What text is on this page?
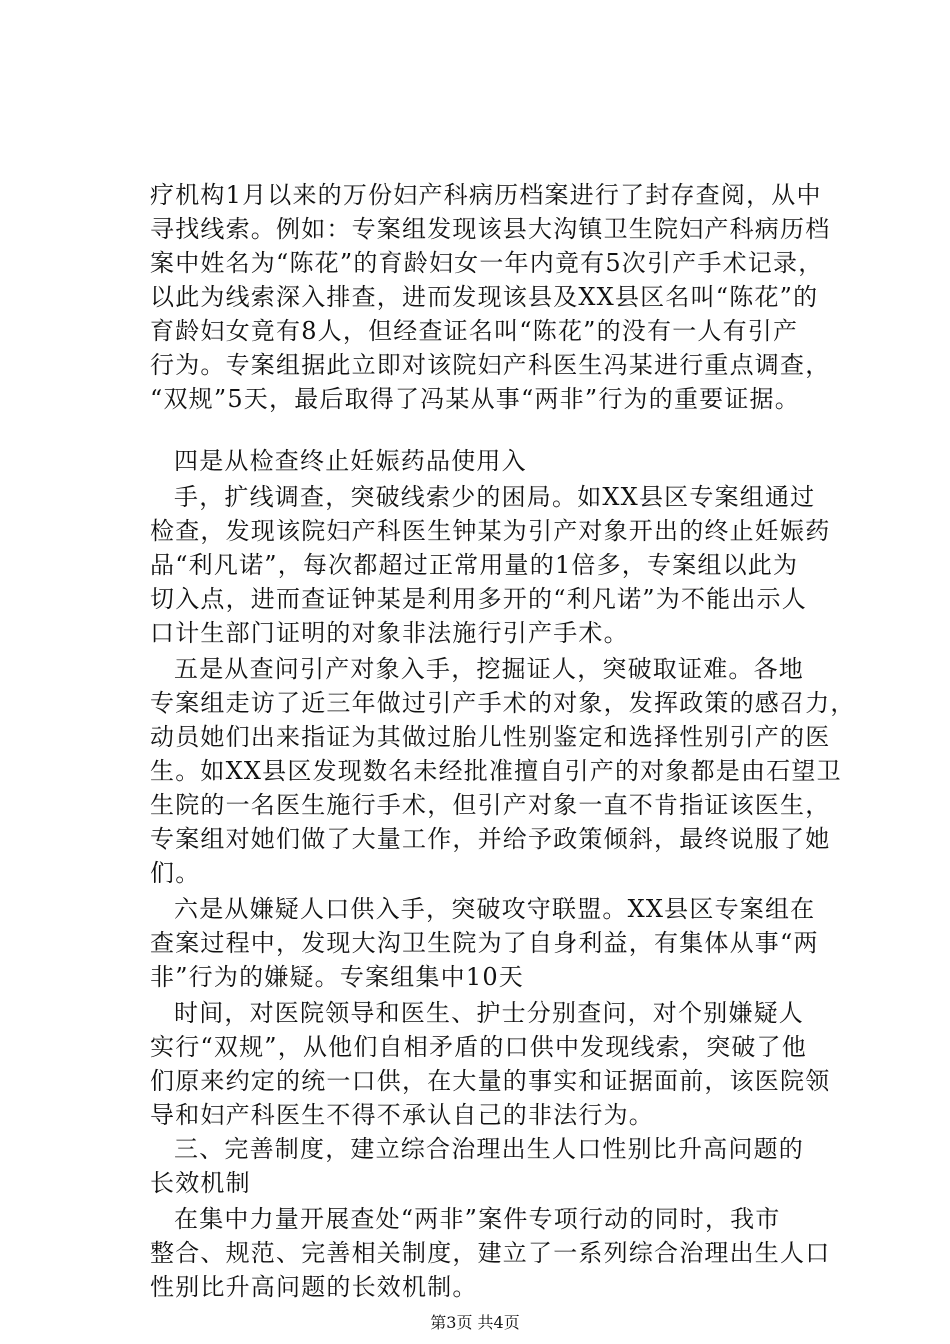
疗机构1月以来的万份妇产科病历档案进行了封存查阅，从中
寻找线索。例如：专案组发现该县大沟镇卫生院妇产科病历档
案中姓名为“陈花”的育龄妇女一年内竟有5次引产手术记录，
以此为线索深入排查，进而发现该县及XX县区名叫“陈花”的
育龄妇女竟有8人，但经查证名叫“陈花”的没有一人有引产
行为。专案组据此立即对该院妇产科医生冯某进行重点调查，
“双规”5天，最后取得了冯某从事“两非”行为的重要证据。
四是从检查终止妊娠药品使用入
手，扩线调查，突破线索少的困局。如XX县区专案组通过
检查，发现该院妇产科医生钟某为引产对象开出的终止妊娠药
品“利凡诺”，每次都超过正常用量的1倍多，专案组以此为
切入点，进而查证钟某是利用多开的“利凡诺”为不能出示人
口计生部门证明的对象非法施行引产手术。
五是从查问引产对象入手，挖掘证人，突破取证难。各地
专案组走访了近三年做过引产手术的对象，发挥政策的感召力，
动员她们出来指证为其做过胎儿性别鉴定和选择性别引产的医
生。如XX县区发现数名未经批准擅自引产的对象都是由石望卫
生院的一名医生施行手术，但引产对象一直不肯指证该医生，
专案组对她们做了大量工作，并给予政策倾斜，最终说服了她
们。
六是从嫌疑人口供入手，突破攻守联盟。XX县区专案组在
查案过程中，发现大沟卫生院为了自身利益，有集体从事“两
非”行为的嫌疑。专案组集中10天
时间，对医院领导和医生、护士分别查问，对个别嫌疑人
实行“双规”，从他们自相矛盾的口供中发现线索，突破了他
们原来约定的统一口供，在大量的事实和证据面前，该医院领
导和妇产科医生不得不承认自己的非法行为。
三、完善制度，建立综合治理出生人口性别比升高问题的
长效机制
在集中力量开展查处“两非”案件专项行动的同时，我市
整合、规范、完善相关制度，建立了一系列综合治理出生人口
性别比升高问题的长效机制。
第3页 共4页
